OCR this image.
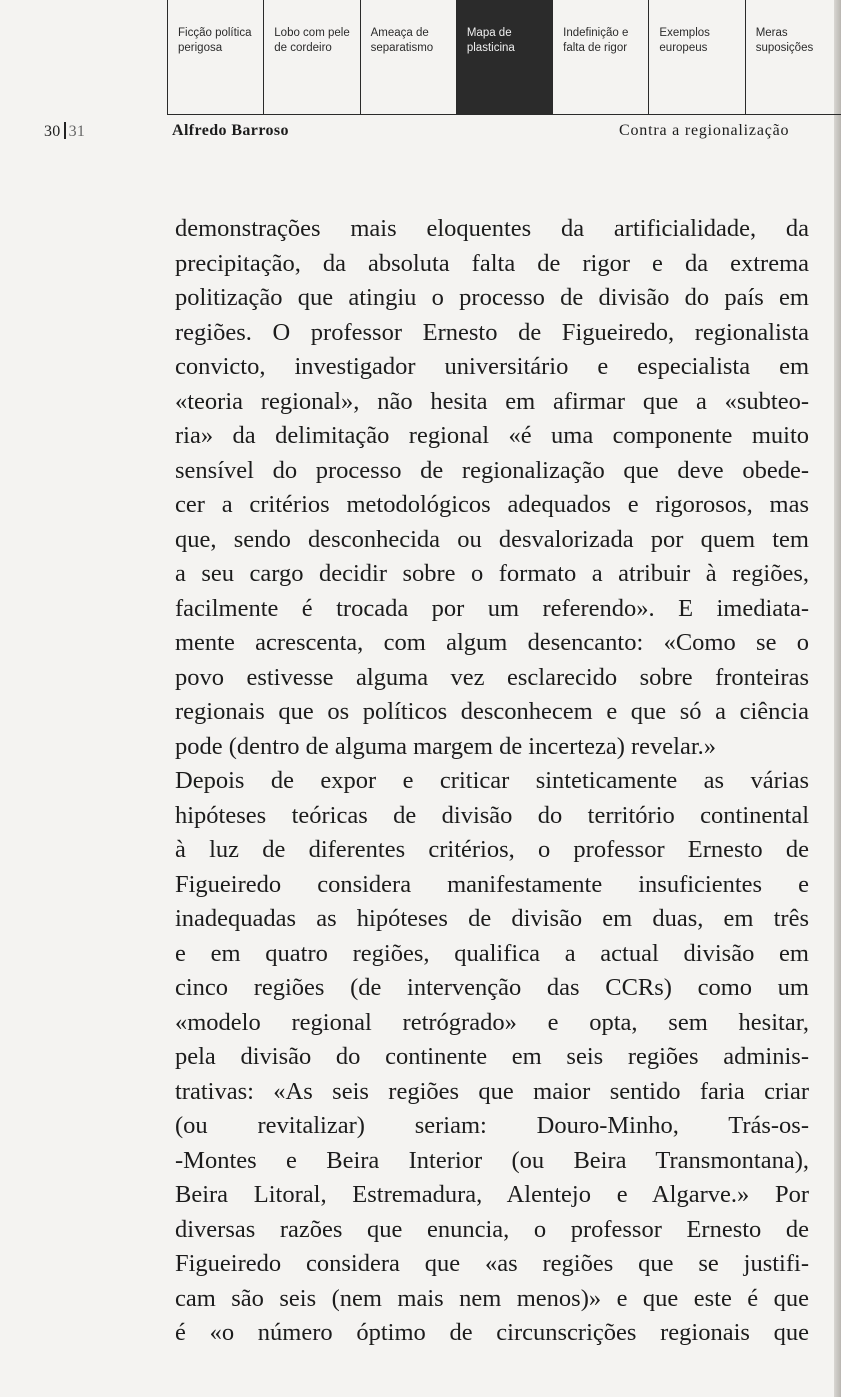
Ficção política
perigosa
Lobo com pele
de cordeiro
Ameaça de
separatismo
Mapa de
plasticina
Indefinição e
falta de rigor
Exemplos
europeus
Meras
suposições
30 31	Alfredo Barroso	Contra a regionalização
demonstrações mais eloquentes da artificialidade, da
precipitação, da absoluta falta de rigor e da extrema
politização que atingiu o processo de divisão do país em
regiões. O professor Ernesto de Figueiredo, regionalista
convicto, investigador universitário e especialista em
«teoria regional», não hesita em afirmar que a «subteo-
ria» da delimitação regional «é uma componente muito
sensível do processo de regionalização que deve obede-
cer a critérios metodológicos adequados e rigorosos, mas
que, sendo desconhecida ou desvalorizada por quem tem
a seu cargo decidir sobre o formato a atribuir à regiões,
facilmente é trocada por um referendo». E imediata-
mente acrescenta, com algum desencanto: «Como se o
povo estivesse alguma vez esclarecido sobre fronteiras
regionais que os políticos desconhecem e que só a ciência
pode (dentro de alguma margem de incerteza) revelar.»
Depois de expor e criticar sinteticamente as várias
hipóteses teóricas de divisão do território continental
à luz de diferentes critérios, o professor Ernesto de
Figueiredo considera manifestamente insuficientes e
inadequadas as hipóteses de divisão em duas, em três
e em quatro regiões, qualifica a actual divisão em
cinco regiões (de intervenção das CCRs) como um
«modelo regional retrógrado» e opta, sem hesitar,
pela divisão do continente em seis regiões adminis-
trativas: «As seis regiões que maior sentido faria criar
(ou revitalizar) seriam: Douro-Minho, Trás-os-
-Montes e Beira Interior (ou Beira Transmontana),
Beira Litoral, Estremadura, Alentejo e Algarve.» Por
diversas razões que enuncia, o professor Ernesto de
Figueiredo considera que «as regiões que se justifi-
cam são seis (nem mais nem menos)» e que este é que
é «o número óptimo de circunscrições regionais que
